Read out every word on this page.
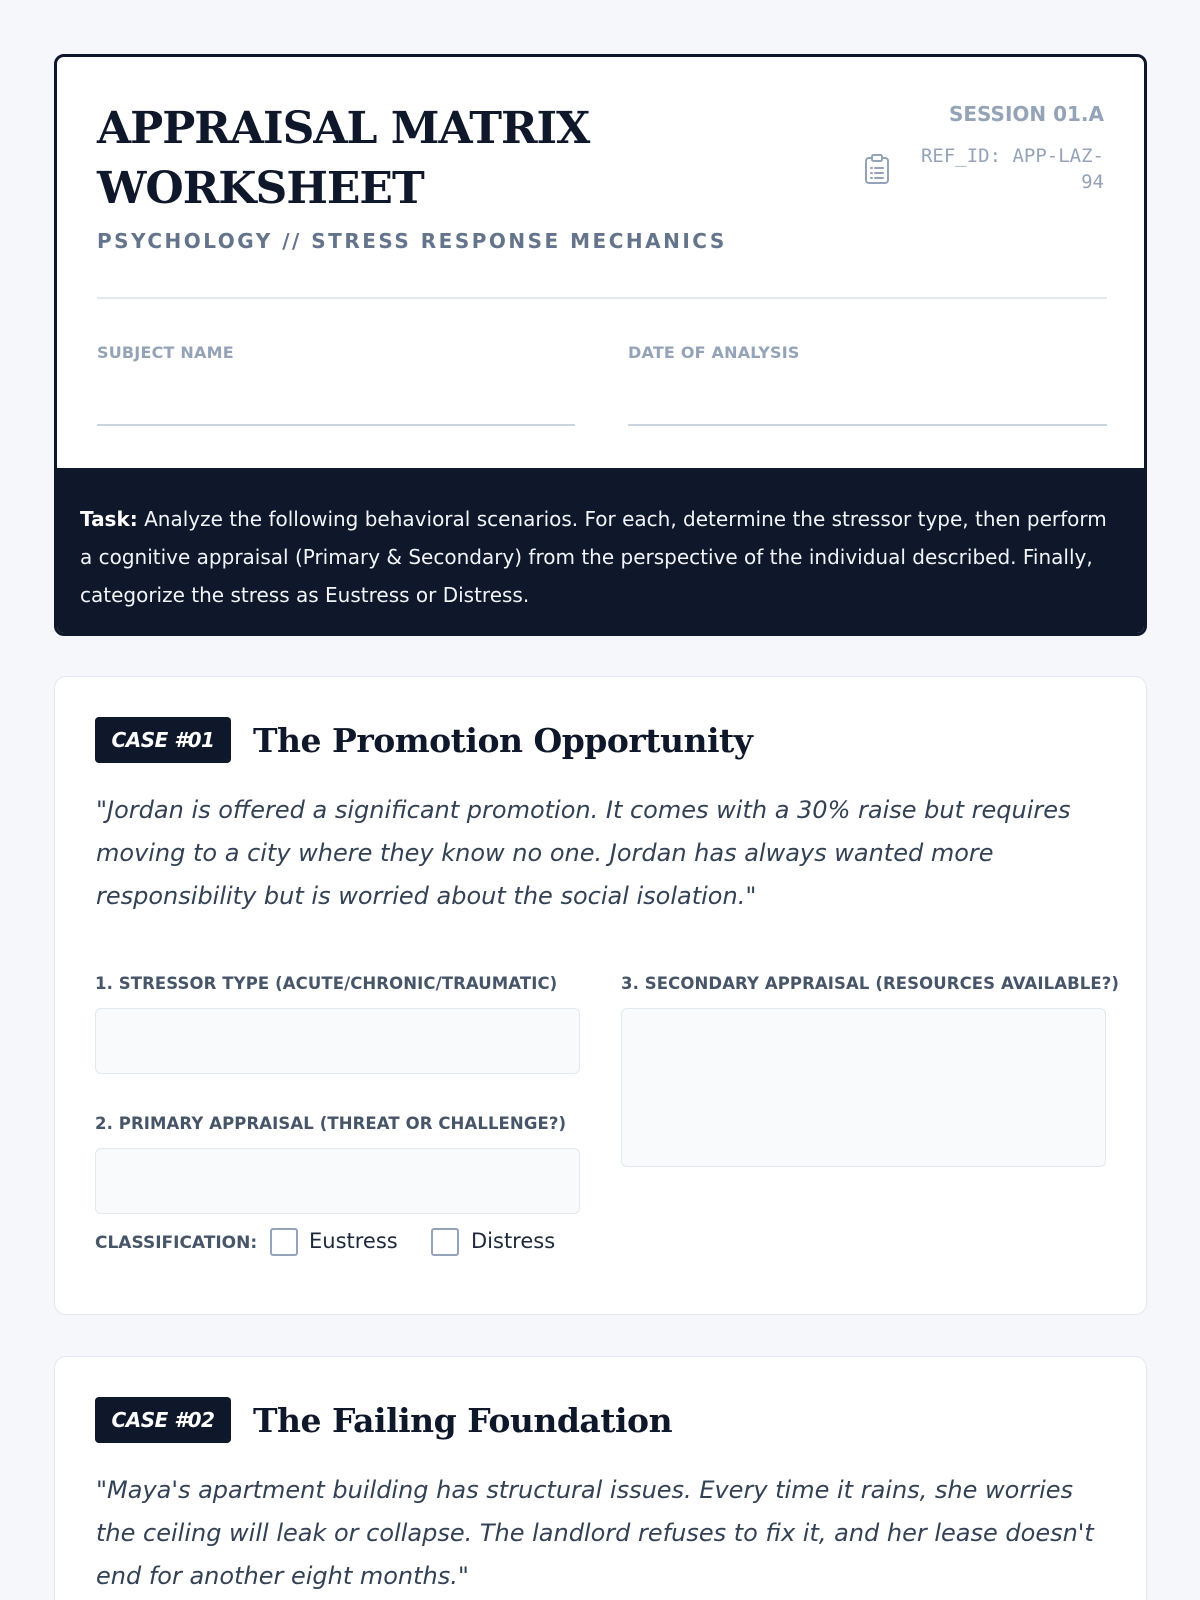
APPRAISAL MATRIX
WORKSHEET
PSYCHOLOGY // STRESS RESPONSE MECHANICS
SESSION 01.A
REF_ID: APP-LAZ-94
SUBJECT NAME	DATE OF ANALYSIS
Task: Analyze the following behavioral scenarios. For each, determine the stressor type, then perform a cognitive appraisal (Primary & Secondary) from the perspective of the individual described. Finally, categorize the stress as Eustress or Distress.
CASE #01	The Promotion Opportunity

"Jordan is offered a significant promotion. It comes with a 30% raise but requires moving to a city where they know no one. Jordan has always wanted more responsibility but is worried about the social isolation."

1. STRESSOR TYPE (ACUTE/CHRONIC/TRAUMATIC)
2. PRIMARY APPRAISAL (THREAT OR CHALLENGE?)
3. SECONDARY APPRAISAL (RESOURCES AVAILABLE?)
CLASSIFICATION: Eustress	Distress
CASE #02	The Failing Foundation

"Maya's apartment building has structural issues. Every time it rains, she worries the ceiling will leak or collapse. The landlord refuses to fix it, and her lease doesn't end for another eight months."
